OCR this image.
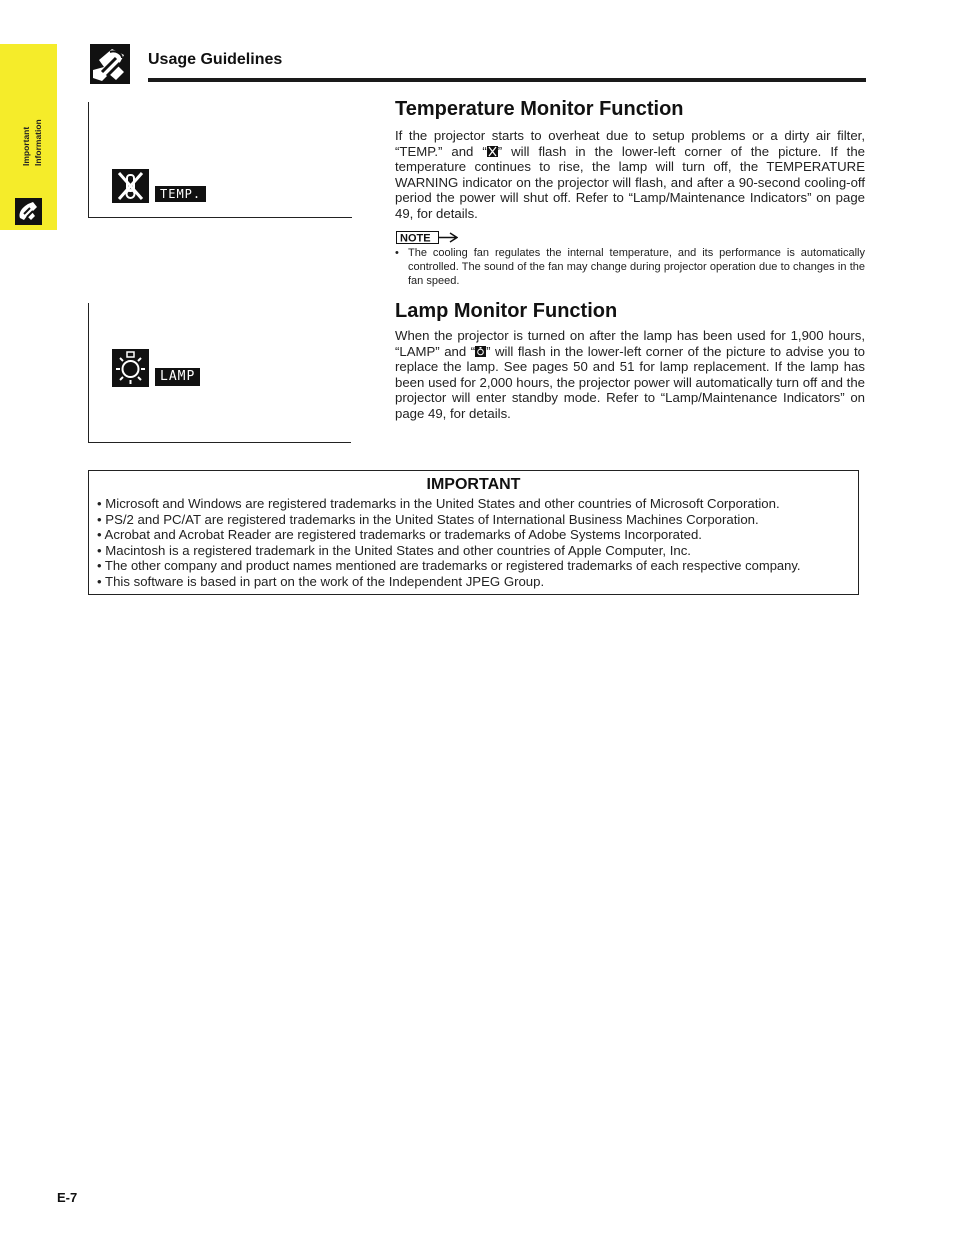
Important Information
Usage Guidelines
TEMP.
Temperature Monitor Function

If the projector starts to overheat due to setup problems or a dirty air filter, “TEMP.” and “ ” will flash in the lower-left corner of the picture. If the temperature continues to rise, the lamp will turn off, the TEMPERATURE WARNING indicator on the projector will flash, and after a 90-second cooling-off period the power will shut off. Refer to “Lamp/Maintenance Indicators” on page 49, for details.

NOTE
• The cooling fan regulates the internal temperature, and its performance is automatically controlled. The sound of the fan may change during projector operation due to changes in the fan speed.
LAMP
Lamp Monitor Function

When the projector is turned on after the lamp has been used for 1,900 hours, “LAMP” and “ ” will flash in the lower-left corner of the picture to advise you to replace the lamp. See pages 50 and 51 for lamp replacement. If the lamp has been used for 2,000 hours, the projector power will automatically turn off and the projector will enter standby mode. Refer to “Lamp/Maintenance Indicators” on page 49, for details.

IMPORTANT
• Microsoft and Windows are registered trademarks in the United States and other countries of Microsoft Corporation.
• PS/2 and PC/AT are registered trademarks in the United States of International Business Machines Corporation.
• Acrobat and Acrobat Reader are registered trademarks or trademarks of Adobe Systems Incorporated.
• Macintosh is a registered trademark in the United States and other countries of Apple Computer, Inc.
• The other company and product names mentioned are trademarks or registered trademarks of each respective company.
• This software is based in part on the work of the Independent JPEG Group.
E-7
